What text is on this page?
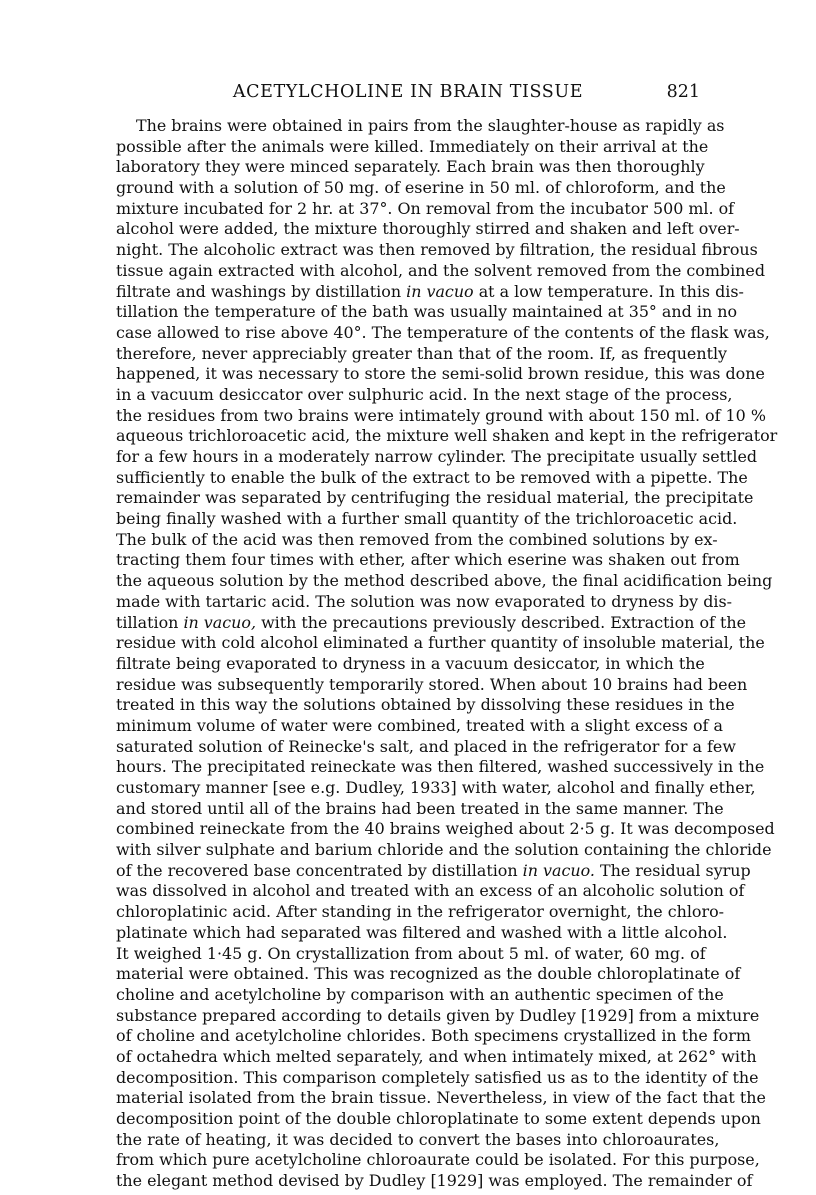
ACETYLCHOLINE IN BRAIN TISSUE	821
The brains were obtained in pairs from the slaughter-house as rapidly as
possible after the animals were killed. Immediately on their arrival at the
laboratory they were minced separately. Each brain was then thoroughly
ground with a solution of 50 mg. of eserine in 50 ml. of chloroform, and the
mixture incubated for 2 hr. at 37°. On removal from the incubator 500 ml. of
alcohol were added, the mixture thoroughly stirred and shaken and left over-
night. The alcoholic extract was then removed by filtration, the residual fibrous
tissue again extracted with alcohol, and the solvent removed from the combined
filtrate and washings by distillation in vacuo at a low temperature. In this dis-
tillation the temperature of the bath was usually maintained at 35° and in no
case allowed to rise above 40°. The temperature of the contents of the flask was,
therefore, never appreciably greater than that of the room. If, as frequently
happened, it was necessary to store the semi-solid brown residue, this was done
in a vacuum desiccator over sulphuric acid. In the next stage of the process,
the residues from two brains were intimately ground with about 150 ml. of 10 %
aqueous trichloroacetic acid, the mixture well shaken and kept in the refrigerator
for a few hours in a moderately narrow cylinder. The precipitate usually settled
sufficiently to enable the bulk of the extract to be removed with a pipette. The
remainder was separated by centrifuging the residual material, the precipitate
being finally washed with a further small quantity of the trichloroacetic acid.
The bulk of the acid was then removed from the combined solutions by ex-
tracting them four times with ether, after which eserine was shaken out from
the aqueous solution by the method described above, the final acidification being
made with tartaric acid. The solution was now evaporated to dryness by dis-
tillation in vacuo, with the precautions previously described. Extraction of the
residue with cold alcohol eliminated a further quantity of insoluble material, the
filtrate being evaporated to dryness in a vacuum desiccator, in which the
residue was subsequently temporarily stored. When about 10 brains had been
treated in this way the solutions obtained by dissolving these residues in the
minimum volume of water were combined, treated with a slight excess of a
saturated solution of Reinecke's salt, and placed in the refrigerator for a few
hours. The precipitated reineckate was then filtered, washed successively in the
customary manner [see e.g. Dudley, 1933] with water, alcohol and finally ether,
and stored until all of the brains had been treated in the same manner. The
combined reineckate from the 40 brains weighed about 2·5 g. It was decomposed
with silver sulphate and barium chloride and the solution containing the chloride
of the recovered base concentrated by distillation in vacuo. The residual syrup
was dissolved in alcohol and treated with an excess of an alcoholic solution of
chloroplatinic acid. After standing in the refrigerator overnight, the chloro-
platinate which had separated was filtered and washed with a little alcohol.
It weighed 1·45 g. On crystallization from about 5 ml. of water, 60 mg. of
material were obtained. This was recognized as the double chloroplatinate of
choline and acetylcholine by comparison with an authentic specimen of the
substance prepared according to details given by Dudley [1929] from a mixture
of choline and acetylcholine chlorides. Both specimens crystallized in the form
of octahedra which melted separately, and when intimately mixed, at 262° with
decomposition. This comparison completely satisfied us as to the identity of the
material isolated from the brain tissue. Nevertheless, in view of the fact that the
decomposition point of the double chloroplatinate to some extent depends upon
the rate of heating, it was decided to convert the bases into chloroaurates,
from which pure acetylcholine chloroaurate could be isolated. For this purpose,
the elegant method devised by Dudley [1929] was employed. The remainder of
